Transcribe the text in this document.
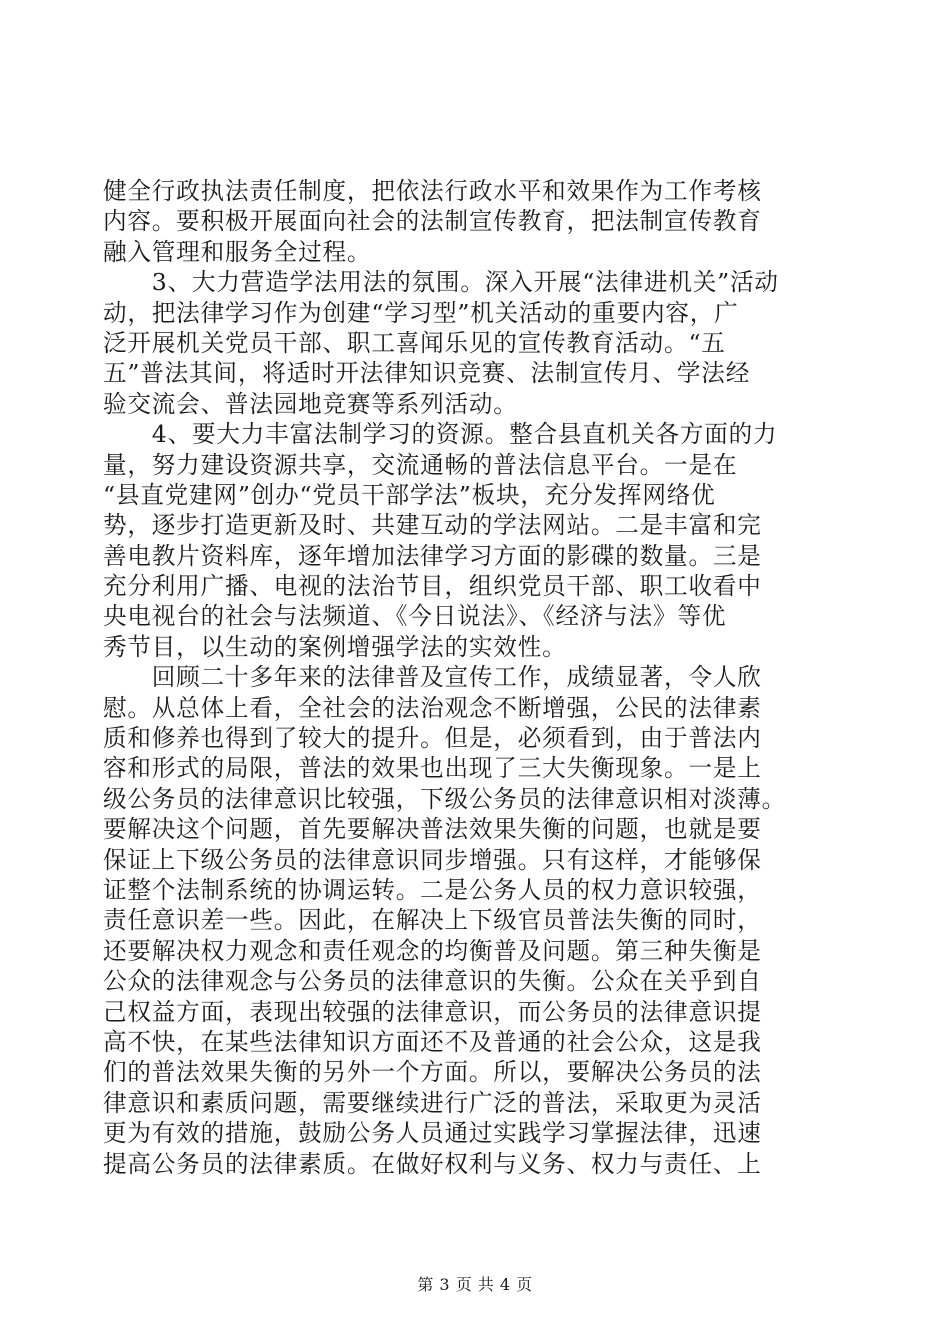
健全行政执法责任制度，把依法行政水平和效果作为工作考核
内容。要积极开展面向社会的法制宣传教育，把法制宣传教育
融入管理和服务全过程。
　　3、大力营造学法用法的氛围。深入开展“法律进机关”活动
动，把法律学习作为创建“学习型”机关活动的重要内容，广
泛开展机关党员干部、职工喜闻乐见的宣传教育活动。“五
五”普法其间，将适时开法律知识竞赛、法制宣传月、学法经
验交流会、普法园地竞赛等系列活动。
　　4、要大力丰富法制学习的资源。整合县直机关各方面的力
量，努力建设资源共享，交流通畅的普法信息平台。一是在
“县直党建网”创办“党员干部学法”板块，充分发挥网络优
势，逐步打造更新及时、共建互动的学法网站。二是丰富和完
善电教片资料库，逐年增加法律学习方面的影碟的数量。三是
充分利用广播、电视的法治节目，组织党员干部、职工收看中
央电视台的社会与法频道、《今日说法》、《经济与法》等优
秀节目，以生动的案例增强学法的实效性。
　　回顾二十多年来的法律普及宣传工作，成绩显著，令人欣
慰。从总体上看，全社会的法治观念不断增强，公民的法律素
质和修养也得到了较大的提升。但是，必须看到，由于普法内
容和形式的局限，普法的效果也出现了三大失衡现象。一是上
级公务员的法律意识比较强，下级公务员的法律意识相对淡薄。
要解决这个问题，首先要解决普法效果失衡的问题，也就是要
保证上下级公务员的法律意识同步增强。只有这样，才能够保
证整个法制系统的协调运转。二是公务人员的权力意识较强，
责任意识差一些。因此，在解决上下级官员普法失衡的同时，
还要解决权力观念和责任观念的均衡普及问题。第三种失衡是
公众的法律观念与公务员的法律意识的失衡。公众在关乎到自
己权益方面，表现出较强的法律意识，而公务员的法律意识提
高不快，在某些法律知识方面还不及普通的社会公众，这是我
们的普法效果失衡的另外一个方面。所以，要解决公务员的法
律意识和素质问题，需要继续进行广泛的普法，采取更为灵活
更为有效的措施，鼓励公务人员通过实践学习掌握法律，迅速
提高公务员的法律素质。在做好权利与义务、权力与责任、上
第 3 页 共 4 页
